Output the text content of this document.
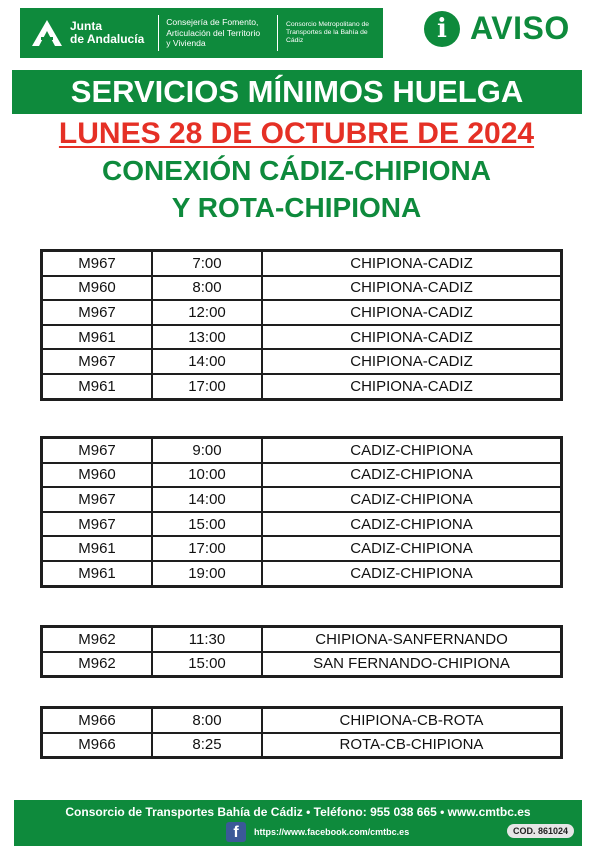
Junta
de Andalucía
Consejería de Fomento,
Articulación del Territorio
y Vivienda
Consorcio Metropolitano de
Transportes de la Bahía de
Cádiz	i AVISO
SERVICIOS MÍNIMOS HUELGA
LUNES 28 DE OCTUBRE DE 2024
CONEXIÓN CÁDIZ-CHIPIONA
Y ROTA-CHIPIONA
M967	7:00	CHIPIONA-CADIZ
M960	8:00	CHIPIONA-CADIZ
M967	12:00	CHIPIONA-CADIZ
M961	13:00	CHIPIONA-CADIZ
M967	14:00	CHIPIONA-CADIZ
M961	17:00	CHIPIONA-CADIZ
M967	9:00	CADIZ-CHIPIONA
M960	10:00	CADIZ-CHIPIONA
M967	14:00	CADIZ-CHIPIONA
M967	15:00	CADIZ-CHIPIONA
M961	17:00	CADIZ-CHIPIONA
M961	19:00	CADIZ-CHIPIONA
M962	11:30	CHIPIONA-SANFERNANDO
M962	15:00	SAN FERNANDO-CHIPIONA
M966	8:00	CHIPIONA-CB-ROTA
M966	8:25	ROTA-CB-CHIPIONA
Consorcio de Transportes Bahía de Cádiz • Teléfono: 955 038 665 • www.cmtbc.es
f	https://www.facebook.com/cmtbc.es	COD. 861024
